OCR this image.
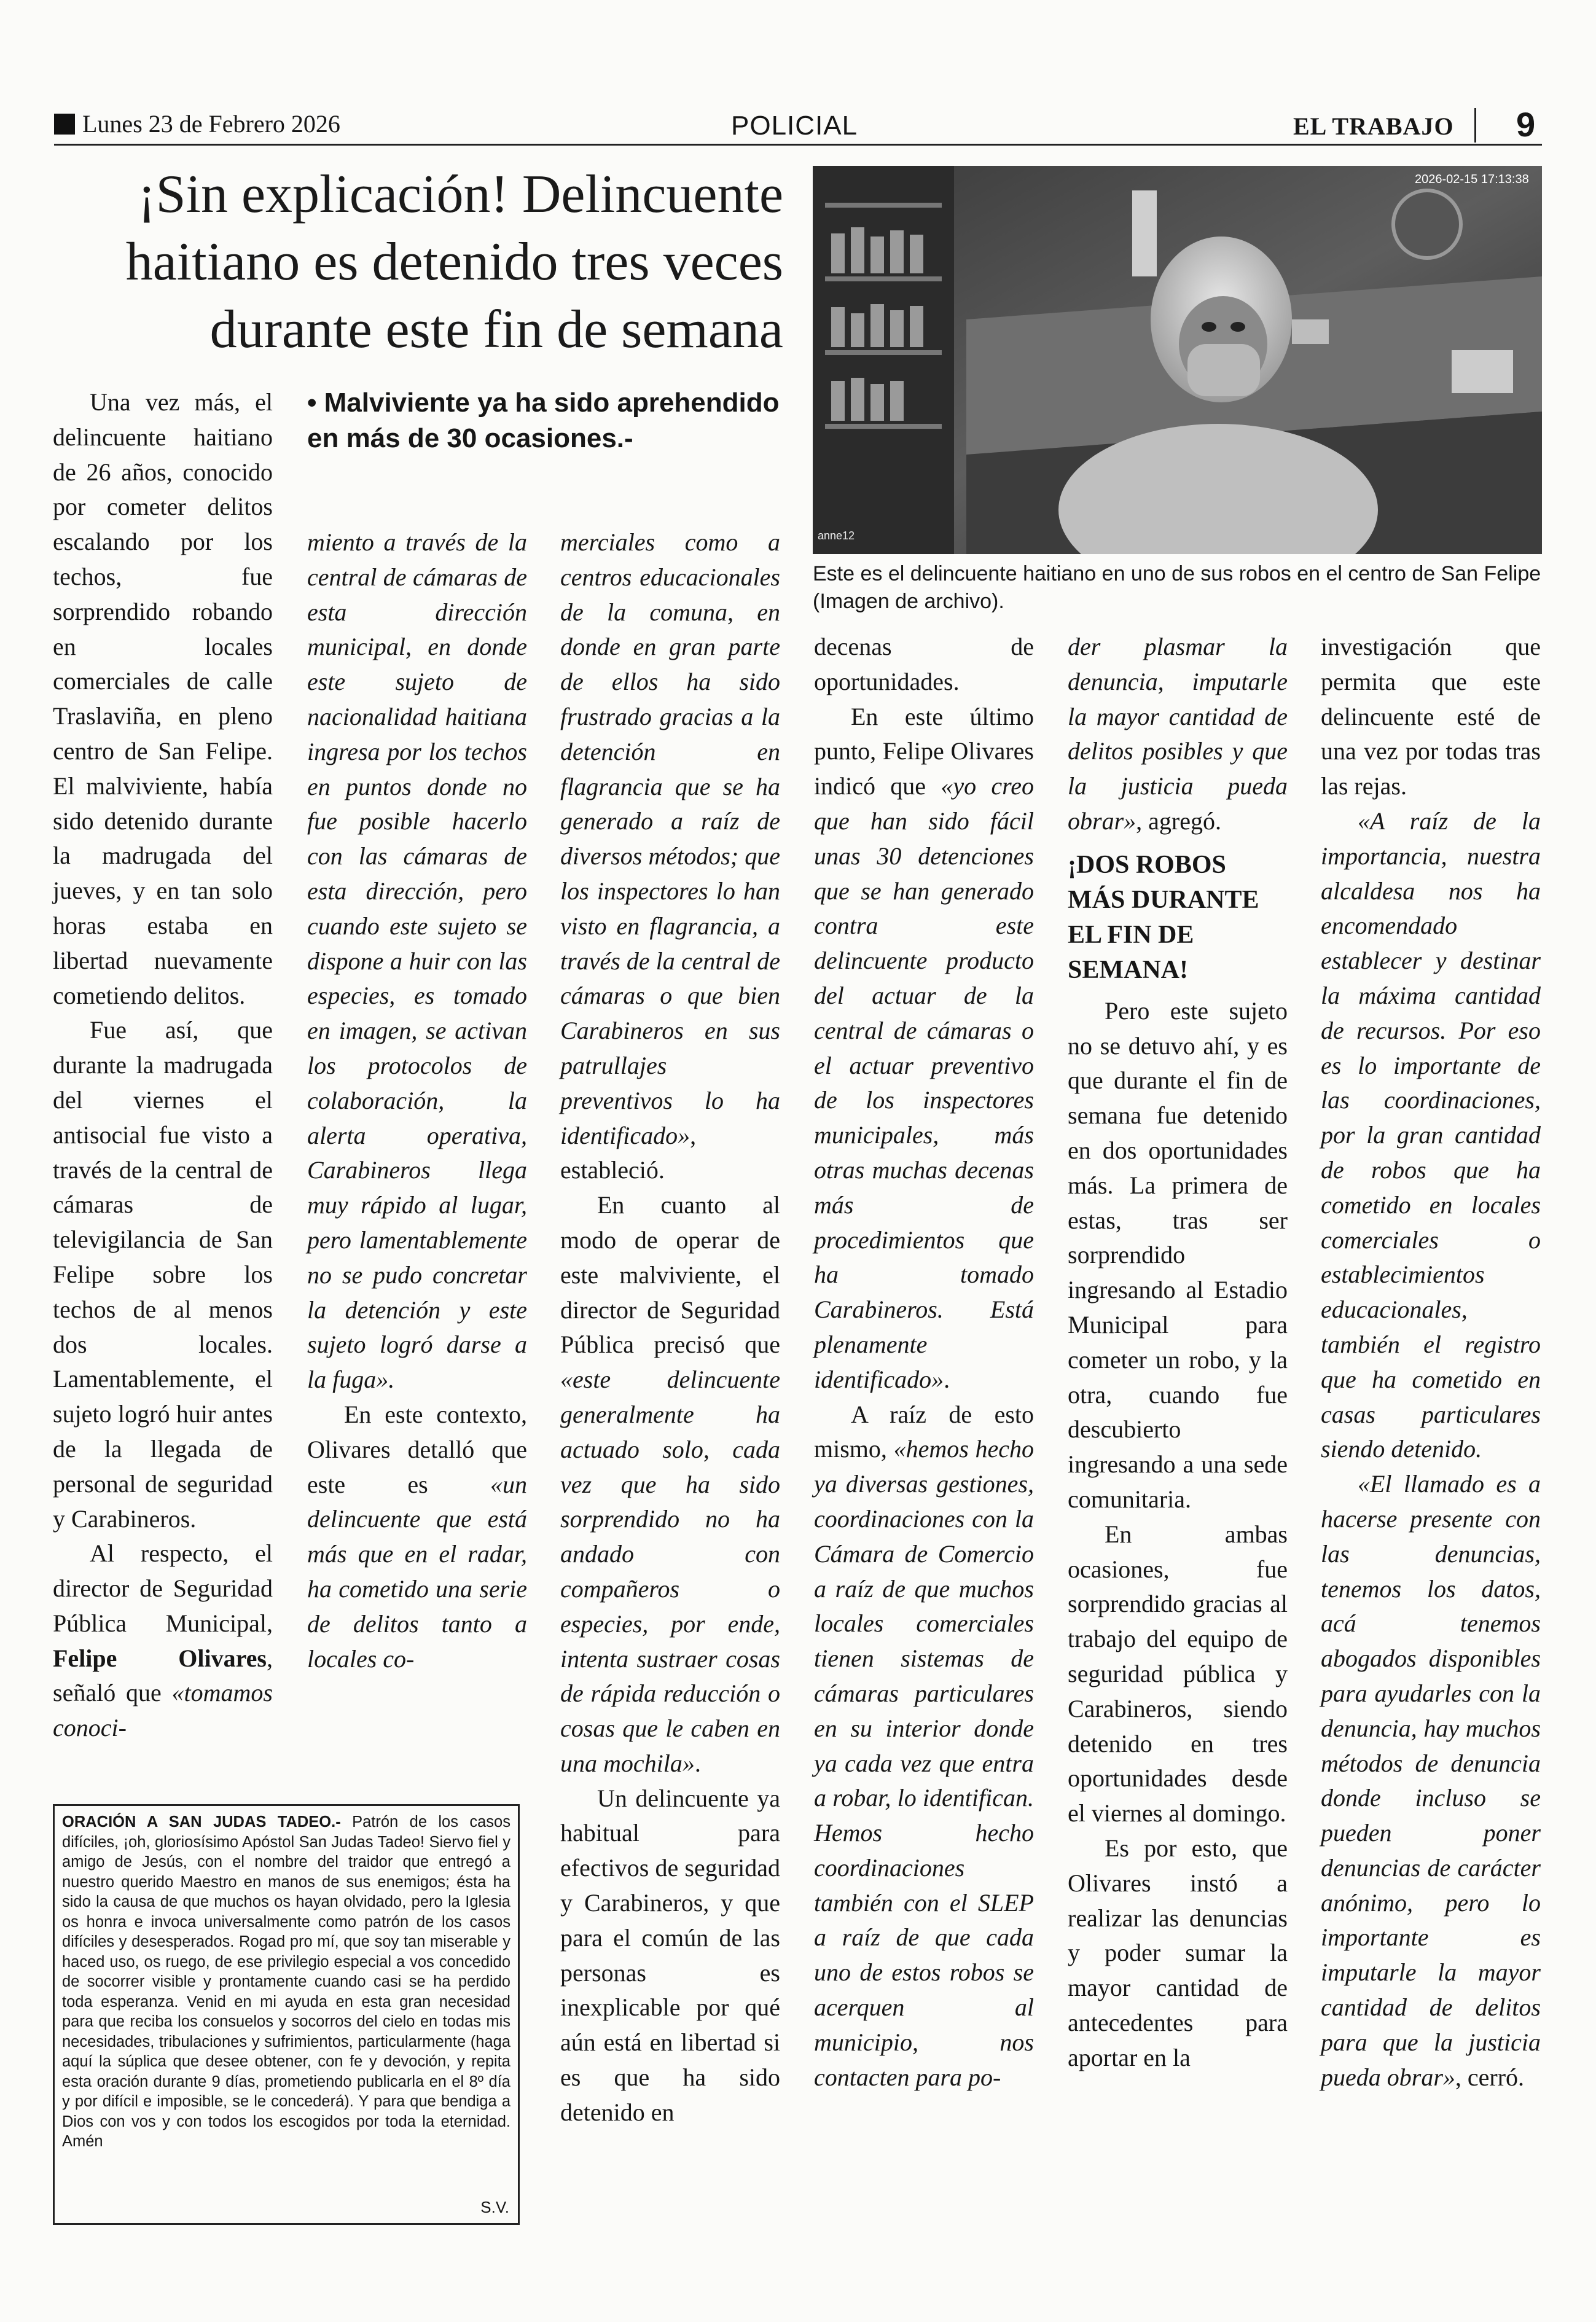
Lunes 23 de Febrero 2026	POLICIAL	EL TRABAJO 9
¡Sin explicación! Delincuente
haitiano es detenido tres veces
durante este fin de semana
• Malviviente ya ha sido aprehendido en más de 30 ocasiones.-
2026-02-15 17:13:38
anne12
Este es el delincuente haitiano en uno de sus robos en el centro de San Felipe (Imagen de archivo).

Una vez más, el delincuente haitiano de 26 años, conocido por cometer delitos escalando por los techos, fue sorprendido robando en locales comerciales de calle Traslaviña, en pleno centro de San Felipe. El malviviente, había sido detenido durante la madrugada del jueves, y en tan solo horas estaba en libertad nuevamente cometiendo delitos.

Fue así, que durante la madrugada del viernes el antisocial fue visto a través de la central de cámaras de televigilancia de San Felipe sobre los techos de al menos dos locales. Lamentablemente, el sujeto logró huir antes de la llegada de personal de seguridad y Carabineros.

Al respecto, el director de Seguridad Pública Municipal, Felipe Olivares, señaló que «tomamos conoci-

miento a través de la central de cámaras de esta dirección municipal, en donde este sujeto de nacionalidad haitiana ingresa por los techos en puntos donde no fue posible hacerlo con las cámaras de esta dirección, pero cuando este sujeto se dispone a huir con las especies, es tomado en imagen, se activan los protocolos de colaboración, la alerta operativa, Carabineros llega muy rápido al lugar, pero lamentablemente no se pudo concretar la detención y este sujeto logró darse a la fuga».

En este contexto, Olivares detalló que este es	«un delincuente que está más que en el radar, ha cometido una serie de delitos tanto a locales co-

merciales como a centros educacionales de la comuna, en donde en gran parte de ellos ha sido frustrado gracias a la detención en flagrancia que se ha generado a raíz de diversos métodos; que los inspectores lo han visto en flagrancia, a través de la central de cámaras o que bien Carabineros en sus patrullajes preventivos lo ha identificado», estableció.

En cuanto al modo de operar de este malviviente, el director de Seguridad Pública precisó que «este delincuente generalmente ha actuado solo, cada vez que ha sido sorprendido no ha andado con compañeros o especies, por ende, intenta sustraer cosas de rápida reducción o cosas que le caben en una mochila».

Un delincuente ya habitual para efectivos de seguridad y Carabineros, y que para el común de las personas es inexplicable por qué aún está en libertad si es que ha sido detenido en

decenas de oportunidades.

En este último punto, Felipe Olivares indicó que «yo creo que han sido fácil unas 30 detenciones que se han generado contra este delincuente producto del actuar de la central de cámaras o el actuar preventivo de los inspectores municipales, más otras muchas decenas más de procedimientos que ha tomado Carabineros. Está plenamente identificado».

A raíz de esto mismo, «hemos hecho ya diversas gestiones, coordinaciones con la Cámara de Comercio a raíz de que muchos locales comerciales tienen sistemas de cámaras particulares en su interior donde ya cada vez que entra a robar, lo identifican. Hemos hecho coordinaciones también con el SLEP a raíz de que cada uno de estos robos se acerquen al municipio, nos contacten para po-

der plasmar la denuncia, imputarle la mayor cantidad de delitos posibles y que la justicia pueda obrar», agregó.

¡DOS ROBOS MÁS DURANTE EL FIN DE SEMANA!

Pero este sujeto no se detuvo ahí, y es que durante el fin de semana fue detenido en dos oportunidades más. La primera de estas, tras ser sorprendido ingresando al Estadio Municipal para cometer un robo, y la otra, cuando fue descubierto ingresando a una sede comunitaria.

En ambas ocasiones, fue sorprendido gracias al trabajo del equipo de seguridad pública y Carabineros, siendo detenido en tres oportunidades desde el viernes al domingo.

Es por esto, que Olivares instó a realizar las denuncias y poder sumar la mayor cantidad de antecedentes para aportar en la

investigación que permita que este delincuente esté de una vez por todas tras las rejas.

«A raíz de la importancia, nuestra alcaldesa nos ha encomendado establecer y destinar la máxima cantidad de recursos. Por eso es lo importante de las coordinaciones, por la gran cantidad de robos que ha cometido en locales comerciales o establecimientos educacionales, también el registro que ha cometido en casas particulares siendo detenido.

«El llamado es a hacerse presente con las denuncias, tenemos los datos, acá tenemos abogados disponibles para ayudarles con la denuncia, hay muchos métodos de denuncia donde incluso se pueden poner denuncias de carácter anónimo, pero lo importante es imputarle la mayor cantidad de delitos para que la justicia pueda obrar», cerró.

ORACIÓN A SAN JUDAS TADEO.- Patrón de los casos difíciles, ¡oh, gloriosísimo Apóstol San Judas Tadeo! Siervo fiel y amigo de Jesús, con el nombre del traidor que entregó a nuestro querido Maestro en manos de sus enemigos; ésta ha sido la causa de que muchos os hayan olvidado, pero la Iglesia os honra e invoca universalmente como patrón de los casos difíciles y desesperados. Rogad pro mí, que soy tan miserable y haced uso, os ruego, de ese privilegio especial a vos concedido de socorrer visible y prontamente cuando casi se ha perdido toda esperanza. Venid en mi ayuda en esta gran necesidad para que reciba los consuelos y socorros del cielo en todas mis necesidades, tribulaciones y sufrimientos, particularmente (haga aquí la súplica que desee obtener, con fe y devoción, y repita esta oración durante 9 días, prometiendo publicarla en el 8º día y por difícil e imposible, se le concederá). Y para que bendiga a Dios con vos y con todos los escogidos por toda la eternidad. Amén
S.V.
